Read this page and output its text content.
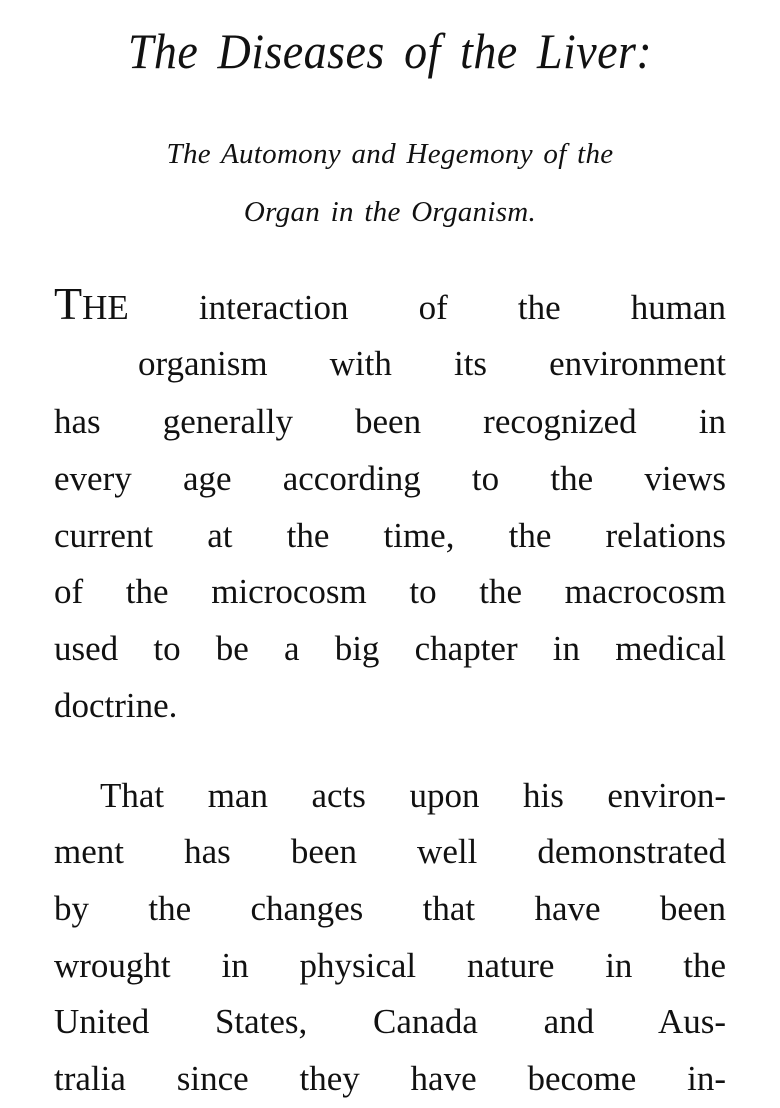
The Diseases of the Liver:
The Automony and Hegemony of the
Organ in the Organism.
THE interaction of the human
organism with its environment
has generally been recognized in
every age according to the views
current at the time, the relations
of the microcosm to the macrocosm
used to be a big chapter in medical
doctrine.
That man acts upon his environ-
ment has been well demonstrated
by the changes that have been
wrought in physical nature in the
United States, Canada and Aus-
tralia since they have become in-
